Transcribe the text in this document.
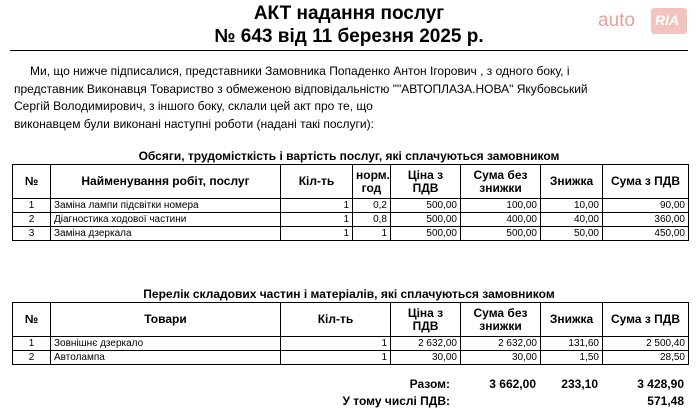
АКТ надання послуг
№ 643 від 11 березня 2025 р.
auto RIA
Ми, що нижче підписалися, представники Замовника Попаденко Антон Ігорович , з одного боку, і
представник Виконавця Товариство з обмеженою відповідальністю ""АВТОПЛАЗА.НОВА" Якубовський
Сергій Володимирович, з іншого боку, склали цей акт про те, що
виконавцем були виконані наступні роботи (надані такі послуги):
Обсяги, трудомісткість і вартість послуг, які сплачуються замовником
№	Найменування робіт, послуг	Кіл-ть	норм. год	Ціна з ПДВ	Сума без знижки	Знижка	Сума з ПДВ
1	Заміна лампи підсвітки номера	1	0,2	500,00	100,00	10,00	90,00
2	Діагностика ходової частини	1	0,8	500,00	400,00	40,00	360,00
3	Заміна дзеркала	1	1	500,00	500,00	50,00	450,00
Перелік складових частин і матеріалів, які сплачуються замовником
№	Товари	Кіл-ть	Ціна з ПДВ	Сума без знижки	Знижка	Сума з ПДВ
1	Зовнішнє дзеркало	1	2 632,00	2 632,00	131,60	2 500,40
2	Автолампа	1	30,00	30,00	1,50	28,50
Разом:	3 662,00	233,10	3 428,90
У тому числі ПДВ:	571,48
